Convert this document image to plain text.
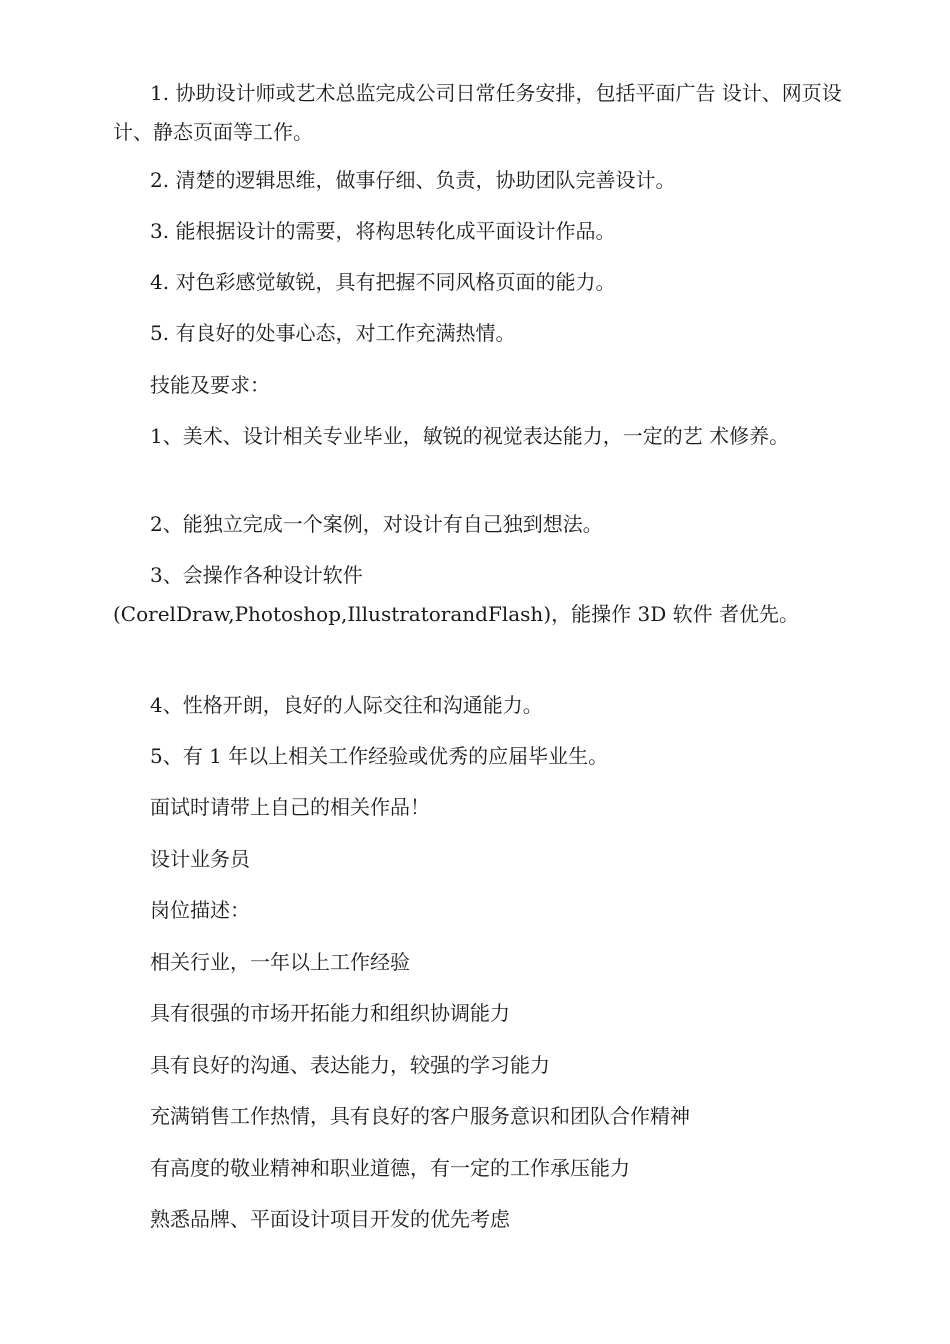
1. 协助设计师或艺术总监完成公司日常任务安排，包括平面广告 设计、网页设计、静态页面等工作。

2. 清楚的逻辑思维，做事仔细、负责，协助团队完善设计。

3. 能根据设计的需要，将构思转化成平面设计作品。

4. 对色彩感觉敏锐，具有把握不同风格页面的能力。

5. 有良好的处事心态，对工作充满热情。

技能及要求：

1、美术、设计相关专业毕业，敏锐的视觉表达能力，一定的艺 术修养。

2、能独立完成一个案例，对设计有自己独到想法。

3、会操作各种设计软件

(CorelDraw,Photoshop,IllustratorandFlash)，能操作 3D 软件 者优先。

4、性格开朗，良好的人际交往和沟通能力。

5、有 1 年以上相关工作经验或优秀的应届毕业生。

面试时请带上自己的相关作品！

设计业务员

岗位描述：

相关行业，一年以上工作经验

具有很强的市场开拓能力和组织协调能力

具有良好的沟通、表达能力，较强的学习能力

充满销售工作热情，具有良好的客户服务意识和团队合作精神

有高度的敬业精神和职业道德，有一定的工作承压能力

熟悉品牌、平面设计项目开发的优先考虑
